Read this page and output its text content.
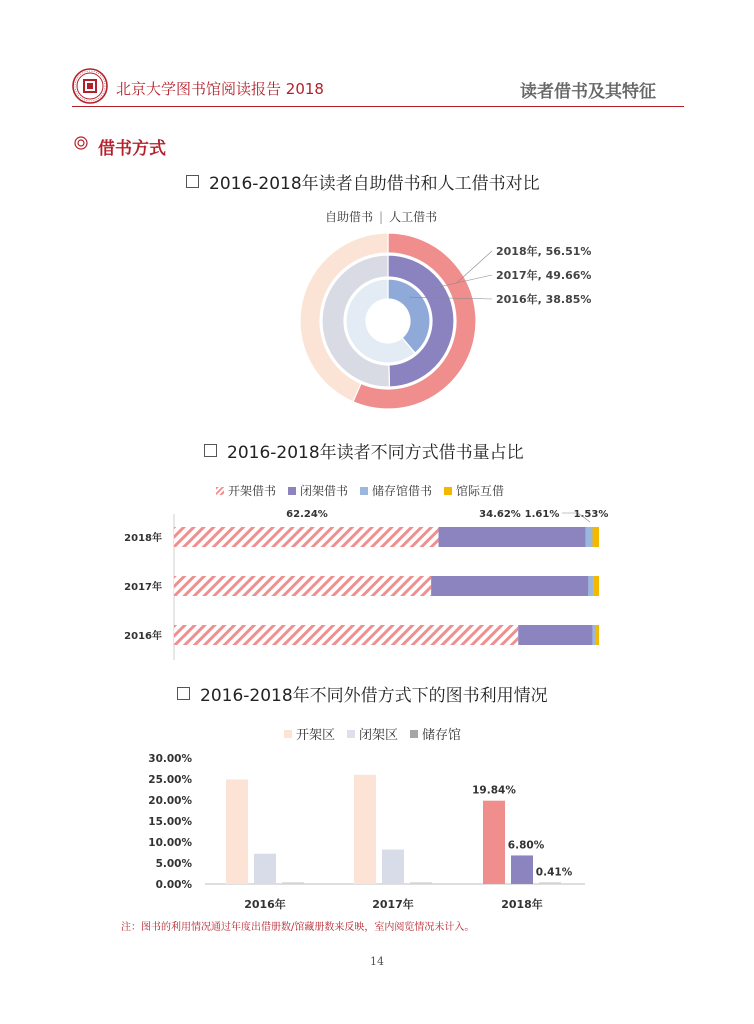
北京大学图书馆阅读报告 2018	读者借书及其特征
借书方式
2016-2018年读者自助借书和人工借书对比
自助借书 | 人工借书
2018年, 56.51%
2017年, 49.66%
2016年, 38.85%
2016-2018年读者不同方式借书量占比
开架借书 闭架借书 储存馆借书 馆际互借
2018年
2017年
2016年
62.24%	34.62% 1.61% 1.53%
2016-2018年不同外借方式下的图书利用情况
开架区 闭架区 储存馆
0.00%
5.00%
10.00%
15.00%
20.00%
25.00%
30.00%
2016年	2017年	2018年
19.84%
6.80%
0.41%
注：图书的利用情况通过年度出借册数/馆藏册数来反映，室内阅览情况未计入。
14
